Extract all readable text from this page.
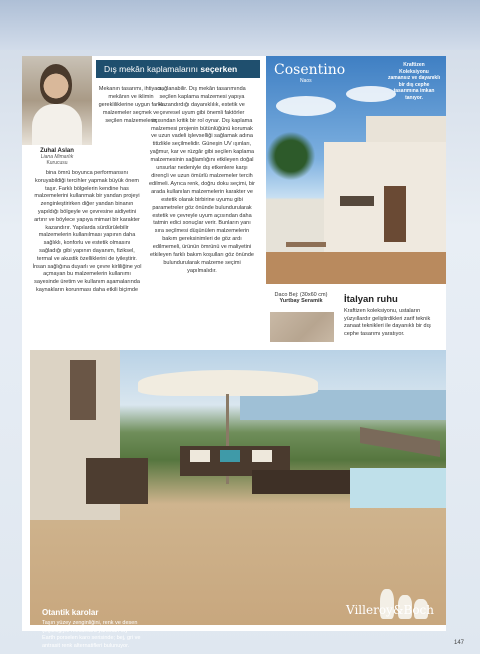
Zuhal Aslan
Liana Mimarlık
Kurucusu
Dış mekân kaplamalarını seçerken
Mekanın tasarımı, ihtiyacı, mekânın ve iklimin gerekliliklerine uygun farklı malzemeler seçmek ve seçilen malzemelerin
bina ömrü boyunca performansını koruyabildiği tercihler yapmak büyük önem taşır. Farklı bölgelerin kendine has malzemelerini kullanmak bir yandan projeyi zenginleştirirken diğer yandan binanın yapıldığı bölgeyle ve çevresine aidiyetini artırır ve böylece yapıya mimari bir karakter kazandırır. Yapılarda sürdürülebilir malzemelerin kullanılması yapının daha sağlıklı, konforlu ve estetik olmasını sağladığı gibi yapının dayanım, fiziksel, termal ve akustik özelliklerini de iyileştirir. İnsan sağlığına duyarlı ve çevre kirliliğine yol açmayan bu malzemelerin kullanımı sayesinde üretim ve kullanım aşamalarında kaynakların korunması daha etkili biçimde
sağlanabilir. Dış mekân tasarımında seçilen kaplama malzemesi yapıya kazandırdığı dayanıklılık, estetik ve çevresel uyum gibi önemli faktörler açısından kritik bir rol oynar. Dış kaplama malzemesi projenin bütünlüğünü korumak ve uzun vadeli işlevselliği sağlamak adına titizlikle seçilmelidir. Güneşin UV ışınları, yağmur, kar ve rüzgâr gibi seçilen kaplama malzemesinin sağlamlığını etkileyen doğal unsurlar nedeniyle dış etkenlere karşı dirençli ve uzun ömürlü malzemeler tercih edilmeli. Ayrıca renk, doğru doku seçimi, bir arada kullanılan malzemelerin karakter ve estetik olarak birbirine uyumu gibi parametreler göz önünde bulundurularak estetik ve çevreyle uyum açısından daha tatmin edici sonuçlar verir. Bunların yanı sıra seçilmesi düşünülen malzemelerin bakım gereksinimleri de göz ardı edilmemeli, ürünün ömrünü ve maliyetini etkileyen farklı bakım koşulları göz önünde bulundurularak malzeme seçimi yapılmalıdır.
Cosentino
Naos
Kraftizen Koleksiyonu zamansız ve dayanıklı bir dış cephe tasarımına imkan tanıyor.
Daco Bej: (30x60 cm)
Yurtbay Seramik	İtalyan ruhu
Kraftizen koleksiyonu, ustaların yüzyıllardır geliştirdikleri zarif teknik zanaat teknikleri ile dayanıklı bir dış cephe tasarımı yaratıyor.
Otantik karolar
Taşın yüzey zenginliğini, renk ve desen çeşitliliğiyle mekanlara yansıtan My Earth porselen karo serisinde; bej, gri ve antrasit renk alternatifleri bulunuyor.
Villeroy&Boch
147
